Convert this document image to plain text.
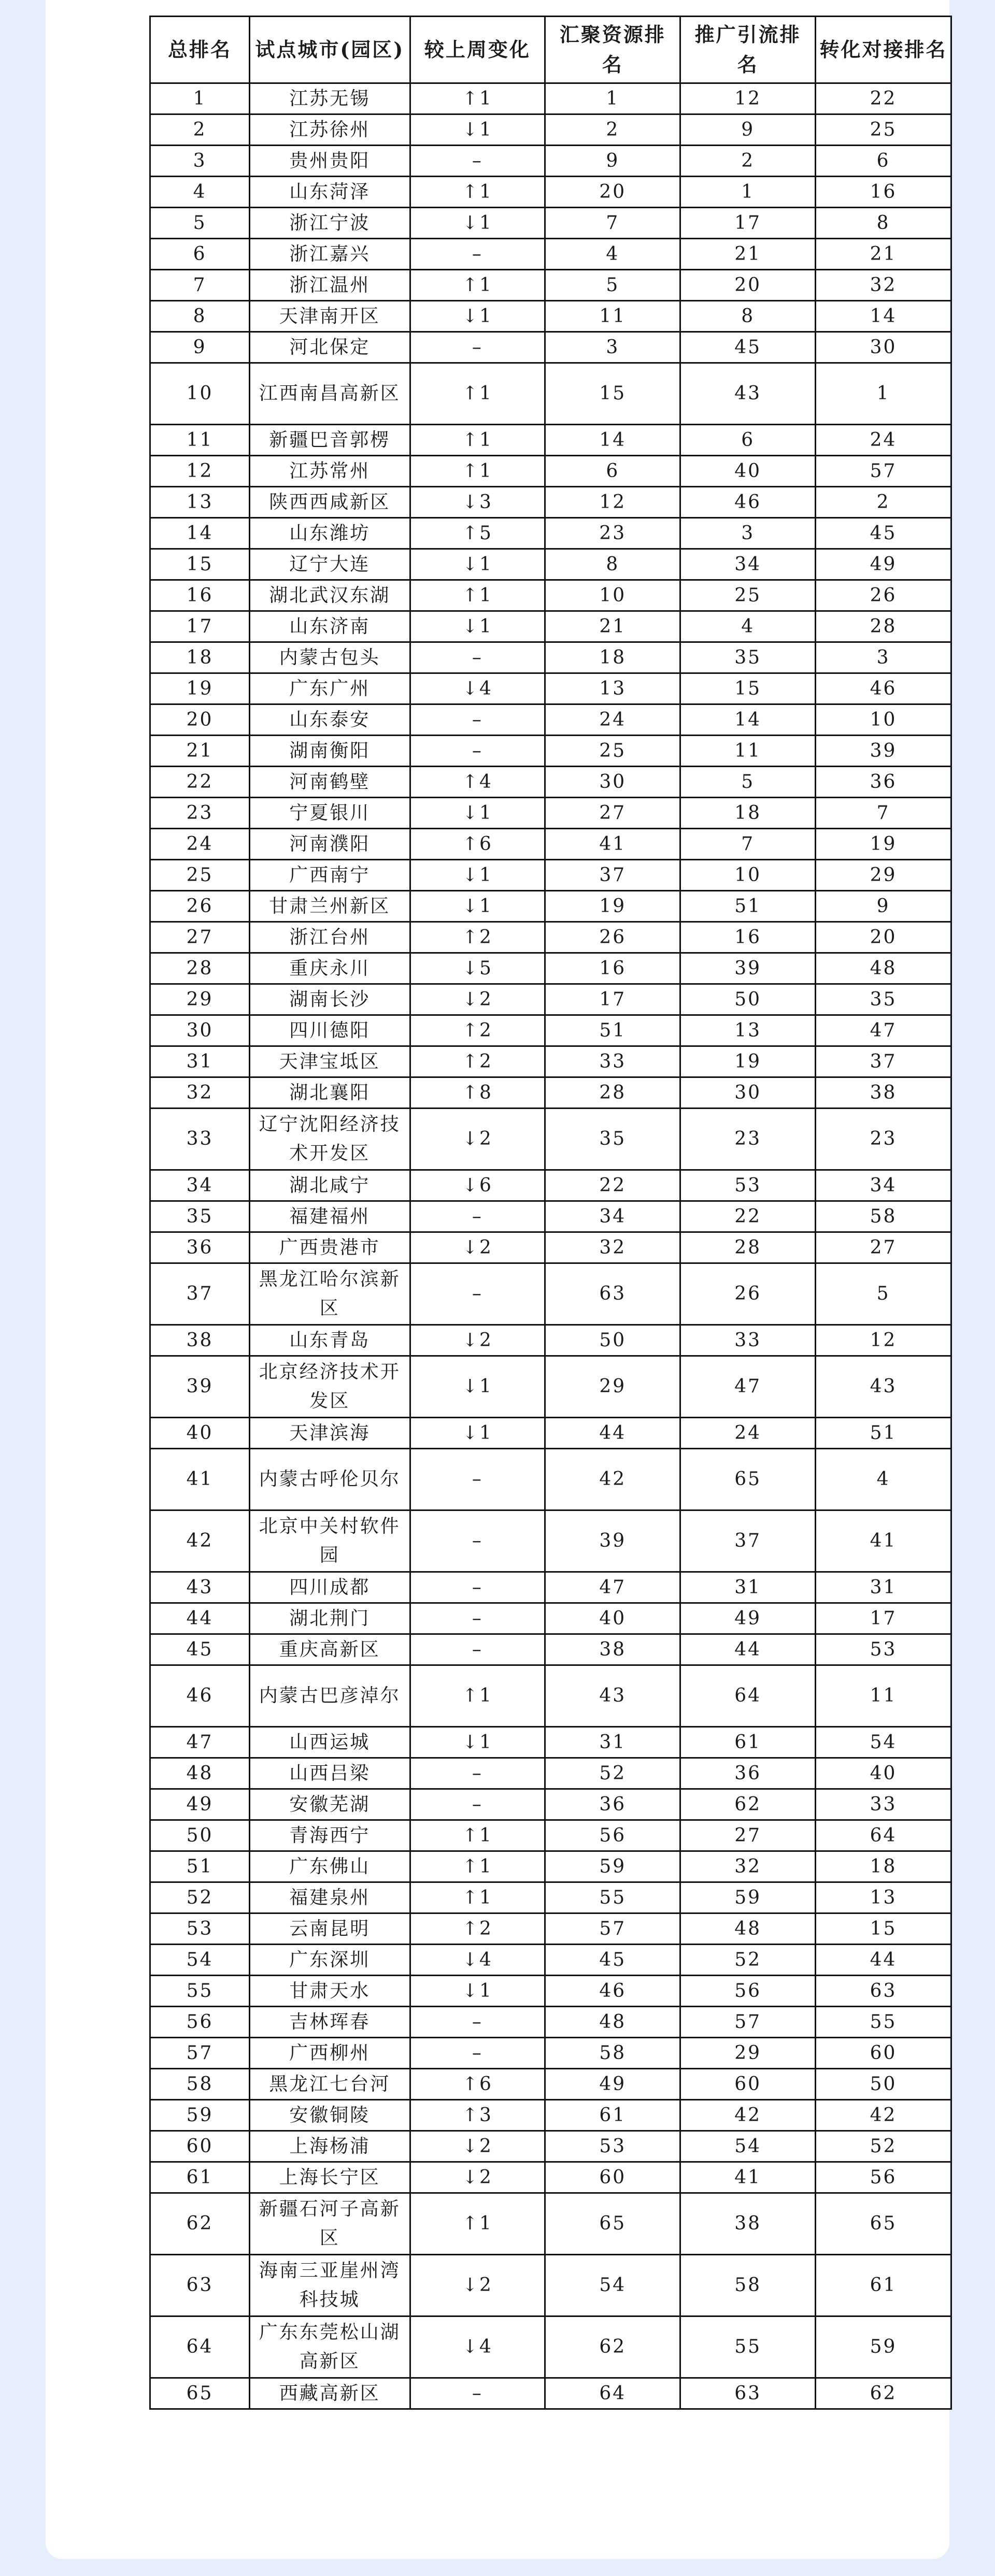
总排名	试点城市(园区)	较上周变化	汇聚资源排名	推广引流排名	转化对接排名
1	江苏无锡	↑1	1	12	22
2	江苏徐州	↓1	2	9	25
3	贵州贵阳	–	9	2	6
4	山东菏泽	↑1	20	1	16
5	浙江宁波	↓1	7	17	8
6	浙江嘉兴	–	4	21	21
7	浙江温州	↑1	5	20	32
8	天津南开区	↓1	11	8	14
9	河北保定	–	3	45	30
10	江西南昌高新区	↑1	15	43	1
11	新疆巴音郭楞	↑1	14	6	24
12	江苏常州	↑1	6	40	57
13	陕西西咸新区	↓3	12	46	2
14	山东潍坊	↑5	23	3	45
15	辽宁大连	↓1	8	34	49
16	湖北武汉东湖	↑1	10	25	26
17	山东济南	↓1	21	4	28
18	内蒙古包头	–	18	35	3
19	广东广州	↓4	13	15	46
20	山东泰安	–	24	14	10
21	湖南衡阳	–	25	11	39
22	河南鹤壁	↑4	30	5	36
23	宁夏银川	↓1	27	18	7
24	河南濮阳	↑6	41	7	19
25	广西南宁	↓1	37	10	29
26	甘肃兰州新区	↓1	19	51	9
27	浙江台州	↑2	26	16	20
28	重庆永川	↓5	16	39	48
29	湖南长沙	↓2	17	50	35
30	四川德阳	↑2	51	13	47
31	天津宝坻区	↑2	33	19	37
32	湖北襄阳	↑8	28	30	38
33	辽宁沈阳经济技术开发区	↓2	35	23	23
34	湖北咸宁	↓6	22	53	34
35	福建福州	–	34	22	58
36	广西贵港市	↓2	32	28	27
37	黑龙江哈尔滨新区	–	63	26	5
38	山东青岛	↓2	50	33	12
39	北京经济技术开发区	↓1	29	47	43
40	天津滨海	↓1	44	24	51
41	内蒙古呼伦贝尔	–	42	65	4
42	北京中关村软件园	–	39	37	41
43	四川成都	–	47	31	31
44	湖北荆门	–	40	49	17
45	重庆高新区	–	38	44	53
46	内蒙古巴彦淖尔	↑1	43	64	11
47	山西运城	↓1	31	61	54
48	山西吕梁	–	52	36	40
49	安徽芜湖	–	36	62	33
50	青海西宁	↑1	56	27	64
51	广东佛山	↑1	59	32	18
52	福建泉州	↑1	55	59	13
53	云南昆明	↑2	57	48	15
54	广东深圳	↓4	45	52	44
55	甘肃天水	↓1	46	56	63
56	吉林珲春	–	48	57	55
57	广西柳州	–	58	29	60
58	黑龙江七台河	↑6	49	60	50
59	安徽铜陵	↑3	61	42	42
60	上海杨浦	↓2	53	54	52
61	上海长宁区	↓2	60	41	56
62	新疆石河子高新区	↑1	65	38	65
63	海南三亚崖州湾科技城	↓2	54	58	61
64	广东东莞松山湖高新区	↓4	62	55	59
65	西藏高新区	–	64	63	62
